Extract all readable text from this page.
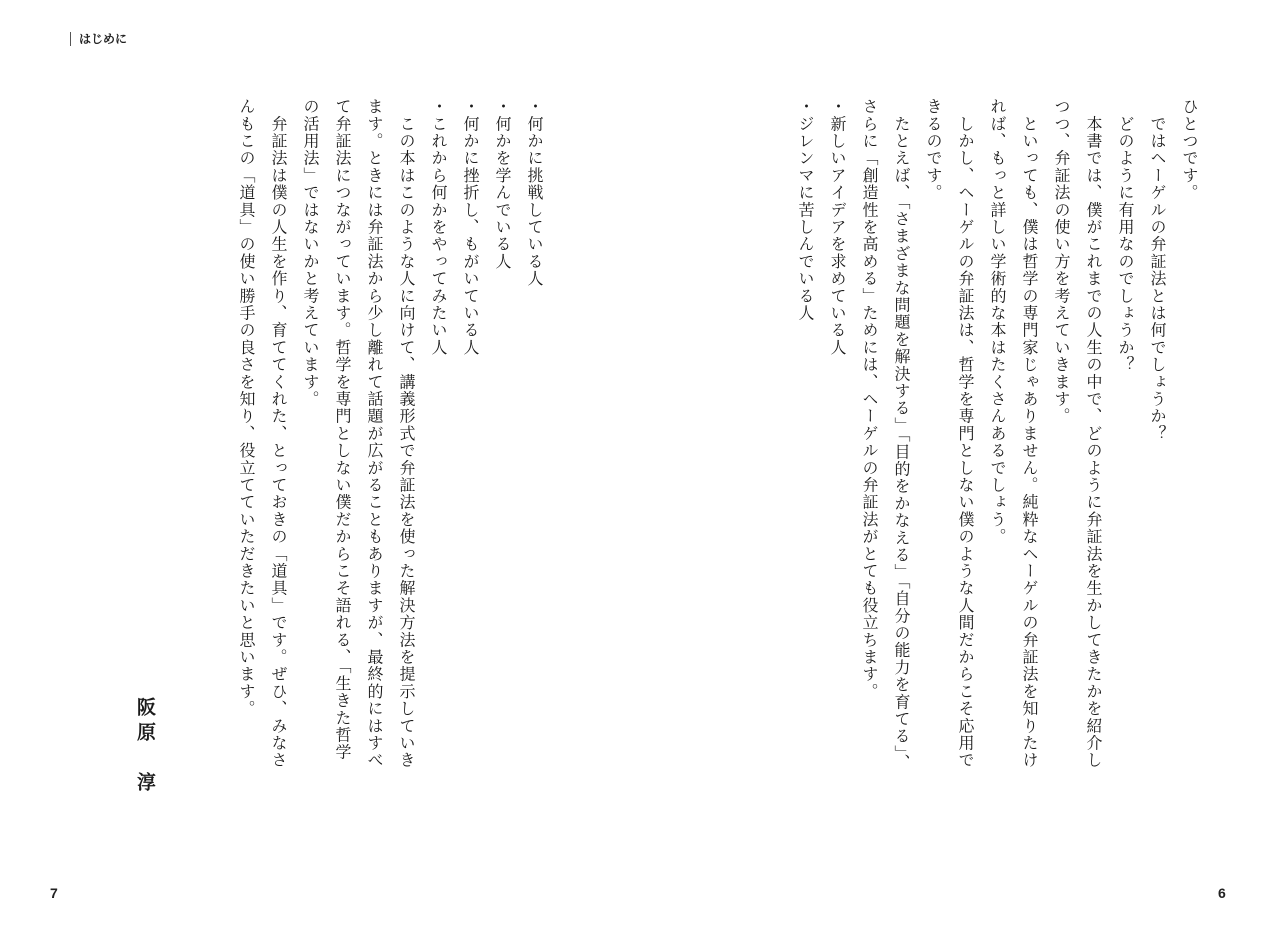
はじめに
ひとつです。
　ではヘーゲルの弁証法とは何でしょうか？
　どのように有用なのでしょうか？
　本書では、僕がこれまでの人生の中で、どのように弁証法を生かしてきたかを紹介し
つつ、弁証法の使い方を考えていきます。
　といっても、僕は哲学の専門家じゃありません。純粋なヘーゲルの弁証法を知りたけ
れば、もっと詳しい学術的な本はたくさんあるでしょう。
　しかし、ヘーゲルの弁証法は、哲学を専門としない僕のような人間だからこそ応用で
きるのです。
　たとえば、「さまざまな問題を解決する」「目的をかなえる」「自分の能力を育てる」、
さらに「創造性を高める」ためには、ヘーゲルの弁証法がとても役立ちます。
・新しいアイデアを求めている人
・ジレンマに苦しんでいる人
・何かに挑戦している人
・何かを学んでいる人
・何かに挫折し、もがいている人
・これから何かをやってみたい人
　この本はこのような人に向けて、講義形式で弁証法を使った解決方法を提示していき
ます。ときには弁証法から少し離れて話題が広がることもありますが、最終的にはすべ
て弁証法につながっています。哲学を専門としない僕だからこそ語れる、「生きた哲学
の活用法」ではないかと考えています。
　弁証法は僕の人生を作り、育ててくれた、とっておきの「道具」です。ぜひ、みなさ
んもこの「道具」の使い勝手の良さを知り、役立てていただきたいと思います。
阪原　淳
7	6
